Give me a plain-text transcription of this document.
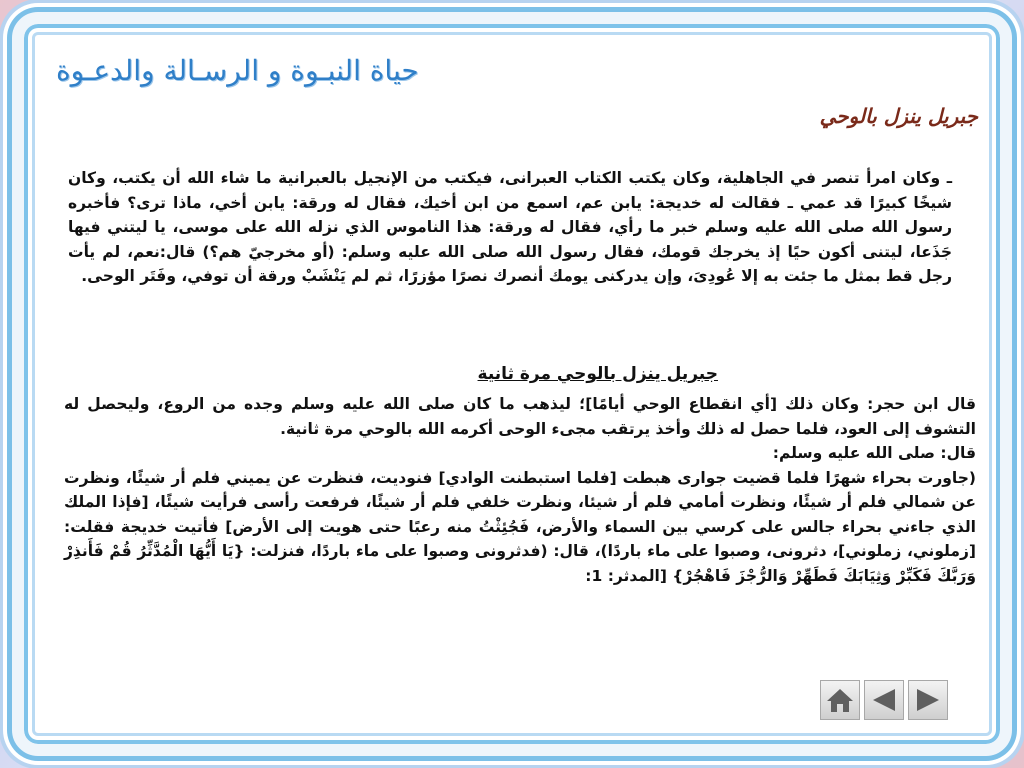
حياة النبـوة و الرسـالة والدعـوة
جبريل ينزل بالوحي

ـ وكان امرأ تنصر في الجاهلية، وكان يكتب الكتاب العبرانى، فيكتب من الإنجيل بالعبرانية ما شاء الله أن يكتب، وكان شيخًا كبيرًا قد عمي ـ فقالت له خديجة: يابن عم، اسمع من ابن أخيك، فقال له ورقة: يابن أخي، ماذا ترى؟ فأخبره رسول الله صلى الله عليه وسلم خبر ما رأي، فقال له ورقة: هذا الناموس الذي نزله الله على موسى، يا ليتني فيها جَذَعا، ليتنى أكون حيًا إذ يخرجك قومك، فقال رسول الله صلى الله عليه وسلم: (أو مخرجيّ هم؟) قال:نعم، لم يأت رجل قط بمثل ما جئت به إلا عُودِىَ، وإن يدركنى يومك أنصرك نصرًا مؤزرًا، ثم لم يَنْشَبْ ورقة أن توفي، وفَتَر الوحى.

جبريل ينزل بالوحي مرة ثانية
قال ابن حجر: وكان ذلك [أي انقطاع الوحي أيامًا]؛ ليذهب ما كان صلى الله عليه وسلم وجده من الروع، وليحصل له التشوف إلى العود، فلما حصل له ذلك وأخذ يرتقب مجىء الوحى أكرمه الله بالوحي مرة ثانية.
قال: صلى الله عليه وسلم:
(جاورت بحراء شهرًا فلما قضيت جوارى هبطت [فلما استبطنت الوادي] فنوديت، فنظرت عن يميني فلم أر شيئًا، ونظرت عن شمالي فلم أر شيئًا، ونظرت أمامي فلم أر شيئا، ونظرت خلفي فلم أر شيئًا، فرفعت رأسى فرأيت شيئًا، [فإذا الملك الذي جاءني بحراء جالس على كرسي بين السماء والأرض، فَجُئِثْتُ منه رعبًا حتى هويت إلى الأرض] فأتيت خديجة فقلت: [زملوني، زملوني]، دثرونى، وصبوا على ماء باردًا)، قال: (فدثرونى وصبوا على ماء باردًا، فنزلت: {يَا أَيُّهَا الْمُدَّثِّرُ قُمْ فَأَنذِرْ وَرَبَّكَ فَكَبِّرْ وَثِيَابَكَ فَطَهِّرْ وَالرُّجْزَ فَاهْجُرْ} [المدثر: 1:
